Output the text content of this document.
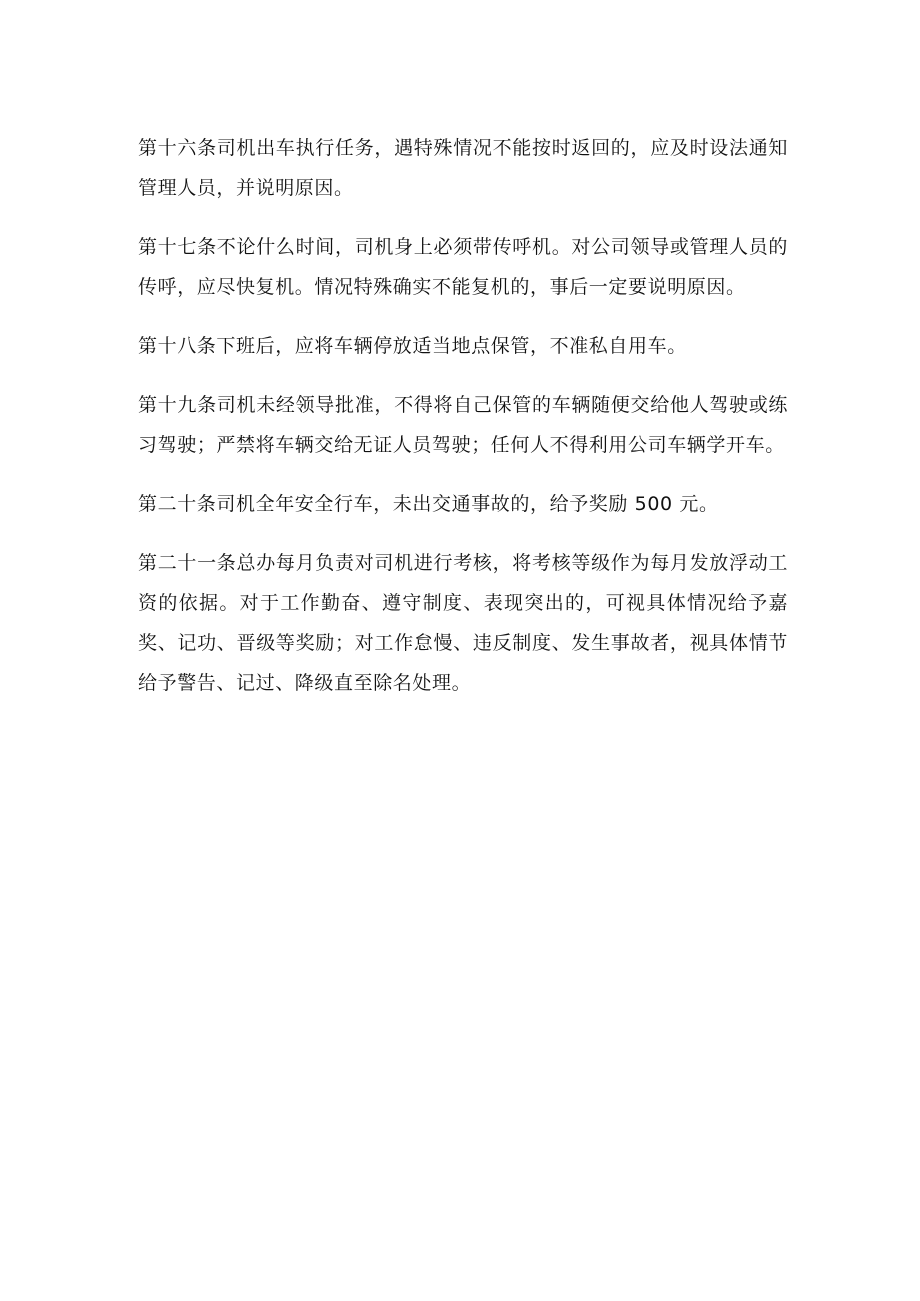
第十六条司机出车执行任务，遇特殊情况不能按时返回的，应及时设法通知管理人员，并说明原因。

第十七条不论什么时间，司机身上必须带传呼机。对公司领导或管理人员的传呼，应尽快复机。情况特殊确实不能复机的，事后一定要说明原因。

第十八条下班后，应将车辆停放适当地点保管，不准私自用车。

第十九条司机未经领导批准，不得将自己保管的车辆随便交给他人驾驶或练习驾驶；严禁将车辆交给无证人员驾驶；任何人不得利用公司车辆学开车。

第二十条司机全年安全行车，未出交通事故的，给予奖励 500 元。

第二十一条总办每月负责对司机进行考核，将考核等级作为每月发放浮动工资的依据。对于工作勤奋、遵守制度、表现突出的，可视具体情况给予嘉奖、记功、晋级等奖励；对工作怠慢、违反制度、发生事故者，视具体情节给予警告、记过、降级直至除名处理。
